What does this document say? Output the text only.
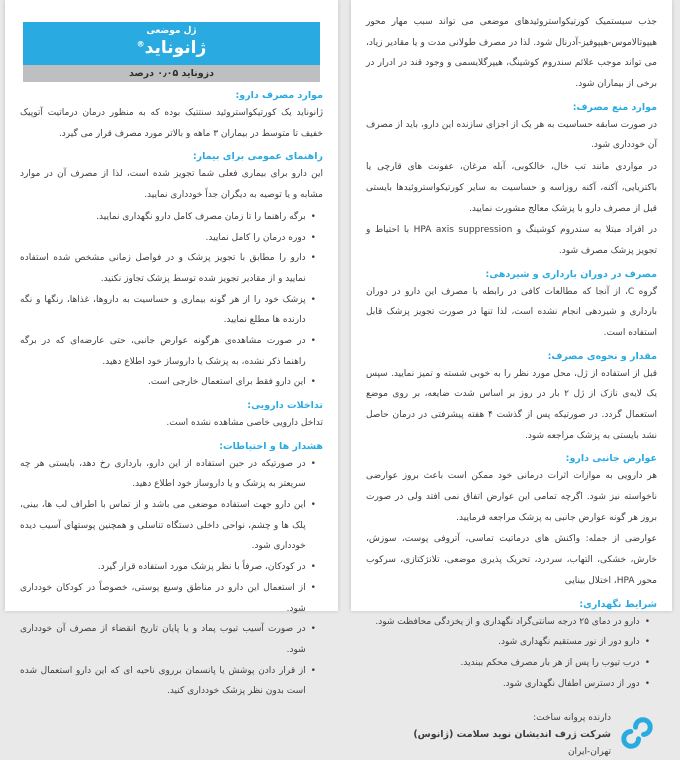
جذب سیستمیک کورتیکواستروئیدهای موضعی می تواند سبب مهار محور هیپوتالاموس-هیپوفیز-آدرنال شود. لذا در مصرف طولانی مدت و یا مقادیر زیاد، می تواند موجب علائم سندروم کوشینگ، هیپرگلایسمی و وجود قند در ادرار در برخی از بیماران شود.

موارد منع مصرف:

در صورت سابقه حساسیت به هر یک از اجزای سازنده این دارو، باید از مصرف آن خودداری شود.

در مواردی مانند تب خال، خالکوبی، آبله مرغان، عفونت های قارچی یا باکتریایی، آکنه، آکنه روزاسه و حساسیت به سایر کورتیکواستروئیدها بایستی قبل از مصرف دارو با پزشک معالج مشورت نمایید.

در افراد مبتلا به سندروم کوشینگ و HPA axis suppression با احتیاط و تجویز پزشک مصرف شود.

مصرف در دوران بارداری و شیردهی:

گروه C، از آنجا که مطالعات کافی در رابطه با مصرف این دارو در دوران بارداری و شیردهی انجام نشده است، لذا تنها در صورت تجویز پزشک قابل استفاده است.

مقدار و نحوه‌ی مصرف:

قبل از استفاده از ژل، محل مورد نظر را به خوبی شسته و تمیز نمایید. سپس یک لایه‌ی نازک از ژل ۲ بار در روز بر اساس شدت ضایعه، بر روی موضع استعمال گردد. در صورتیکه پس از گذشت ۴ هفته پیشرفتی در درمان حاصل نشد بایستی به پزشک مراجعه شود.

عوارض جانبی دارو:

هر دارویی به موازات اثرات درمانی خود ممکن است باعث بروز عوارضی ناخواسته نیز شود. اگرچه تمامی این عوارض اتفاق نمی افتد ولی در صورت بروز هر گونه عوارض جانبی به پزشک مراجعه فرمایید.

عوارضی از جمله: واکنش های درماتیت تماسی، آتروفی پوست، سوزش، خارش، خشکی، التهاب، سردرد، تحریک پذیری موضعی، تلانژکتازی، سرکوب محور HPA، اختلال بینایی

شرایط نگهداری:
•
دارو در دمای ۲۵ درجه سانتی‌گراد نگهداری و از یخزدگی محافظت شود.
•
دارو دور از نور مستقیم نگهداری شود.
•
درب تیوب را پس از هر بار مصرف محکم ببندید.
•
دور از دسترس اطفال نگهداری شود.
دارنده پروانه ساخت:
شرکت ژرف اندیشان نوید سلامت (ژانوس)
تهران-ایران
ژل موضعی
ژانوناید®
دزوناید ۰٫۰۵ درصد
موارد مصرف دارو:

ژانوناید یک کورتیکواستروئید سنتتیک بوده که به منظور درمان درماتیت آتوپیک خفیف تا متوسط در بیماران ۳ ماهه و بالاتر مورد مصرف قرار می گیرد.

راهنمای عمومی برای بیمار:

این دارو برای بیماری فعلی شما تجویز شده است، لذا از مصرف آن در موارد مشابه و یا توصیه به دیگران جداً خودداری نمایید.

•
برگه راهنما را تا زمان مصرف کامل دارو نگهداری نمایید.
•
دوره درمان را کامل نمایید.
•
دارو را مطابق با تجویز پزشک و در فواصل زمانی مشخص شده استفاده نمایید و از مقادیر تجویز شده توسط پزشک تجاوز نکنید.
•
پزشک خود را از هر گونه بیماری و حساسیت به داروها، غذاها، رنگها و نگه دارنده ها مطلع نمایید.
•
در صورت مشاهده‌ی هرگونه عوارض جانبی، حتی عارضه‌ای که در برگه راهنما ذکر نشده، به پزشک یا داروساز خود اطلاع دهید.
•
این دارو فقط برای استعمال خارجی است.
تداخلات دارویی:

تداخل دارویی خاصی مشاهده نشده است.

هشدار ها و احتیاطات:
•
در صورتیکه در حین استفاده از این دارو، بارداری رخ دهد، بایستی هر چه سریعتر به پزشک و یا داروساز خود اطلاع دهید.
•
این دارو جهت استفاده موضعی می باشد و از تماس با اطراف لب ها، بینی، پلک ها و چشم، نواحی داخلی دستگاه تناسلی و همچنین پوستهای آسیب دیده خودداری شود.
•
در کودکان، صرفاً با نظر پزشک مورد استفاده قرار گیرد.
•
از استعمال این دارو در مناطق وسیع پوستی، خصوصاً در کودکان خودداری شود.
•
در صورت آسیب تیوب پماد و یا پایان تاریخ انقضاء از مصرف آن خودداری شود.
•
از قرار دادن پوشش یا پانسمان برروی ناحیه ای که این دارو استعمال شده است بدون نظر پزشک خودداری کنید.
